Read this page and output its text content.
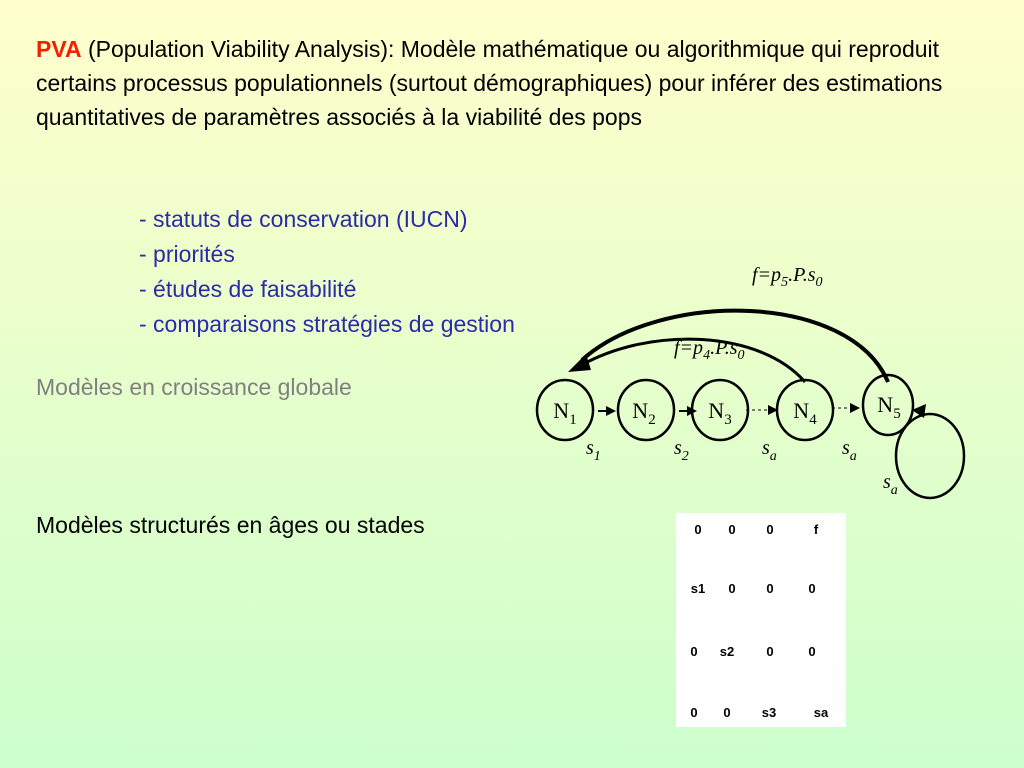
PVA (Population Viability Analysis): Modèle mathématique ou algorithmique qui reproduit certains processus populationnels (surtout démographiques) pour inférer des estimations quantitatives de paramètres associés à la viabilité des pops

- statuts de conservation (IUCN)
- priorités
- études de faisabilité
- comparaisons stratégies de gestion

Modèles en croissance globale

Modèles structurés en âges ou stades

$N_1$	$N_2$ $N_3$	$N_4$
$N_5$
$f=p_5.P.s_0$
$f=p_4.P.s_0$
$s_1$	$s_2$	$s_a$	$s_a$
$s_a$
0	0	0	f
s1	0	0	0
0	s2	0	0
0	0	s3	sa
